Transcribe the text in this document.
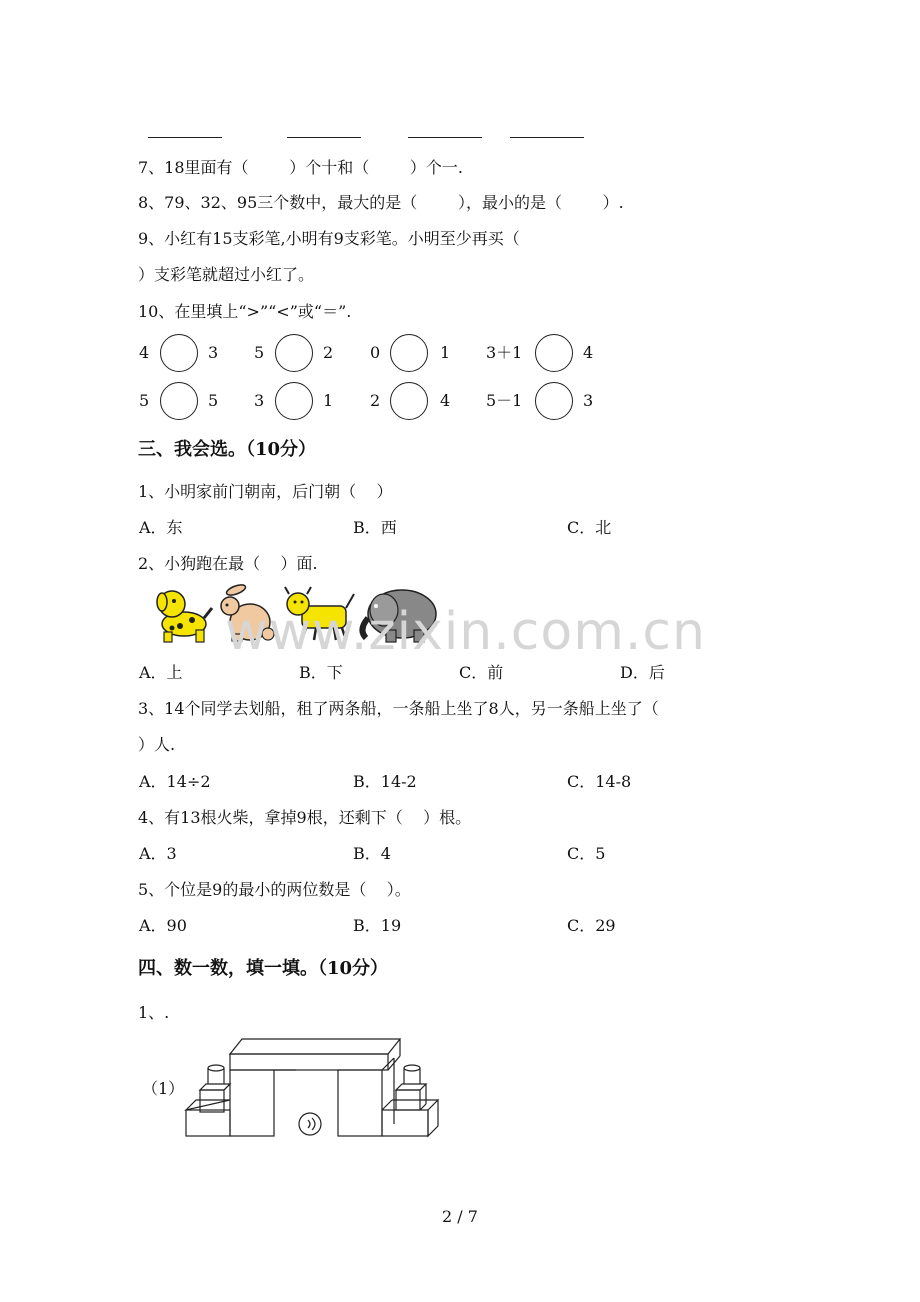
7、18里面有（        ）个十和（        ）个一.
8、79、32、95三个数中，最大的是（        ），最小的是（        ）.
9、小红有15支彩笔,小明有9支彩笔。小明至少再买（
）支彩笔就超过小红了。
10、在里填上“>”“<”或“＝”.
4	3 5	2 0	1 3＋1	4
5	5 3	1 2	4 5－1	3
三、我会选。（10分）
1、小明家前门朝南，后门朝（    ）
A．东	B．西	C．北
2、小狗跑在最（    ）面.
www.zixin.com.cn
A．上	B．下	C．前	D．后
3、14个同学去划船，租了两条船，一条船上坐了8人，另一条船上坐了（
）人.
A．14÷2	B．14-2	C．14-8
4、有13根火柴，拿掉9根，还剩下（    ）根。
A．3	B．4	C．5
5、个位是9的最小的两位数是（    ）。
A．90	B．19	C．29
四、数一数，填一填。（10分）
1、.
（1）
2 / 7
